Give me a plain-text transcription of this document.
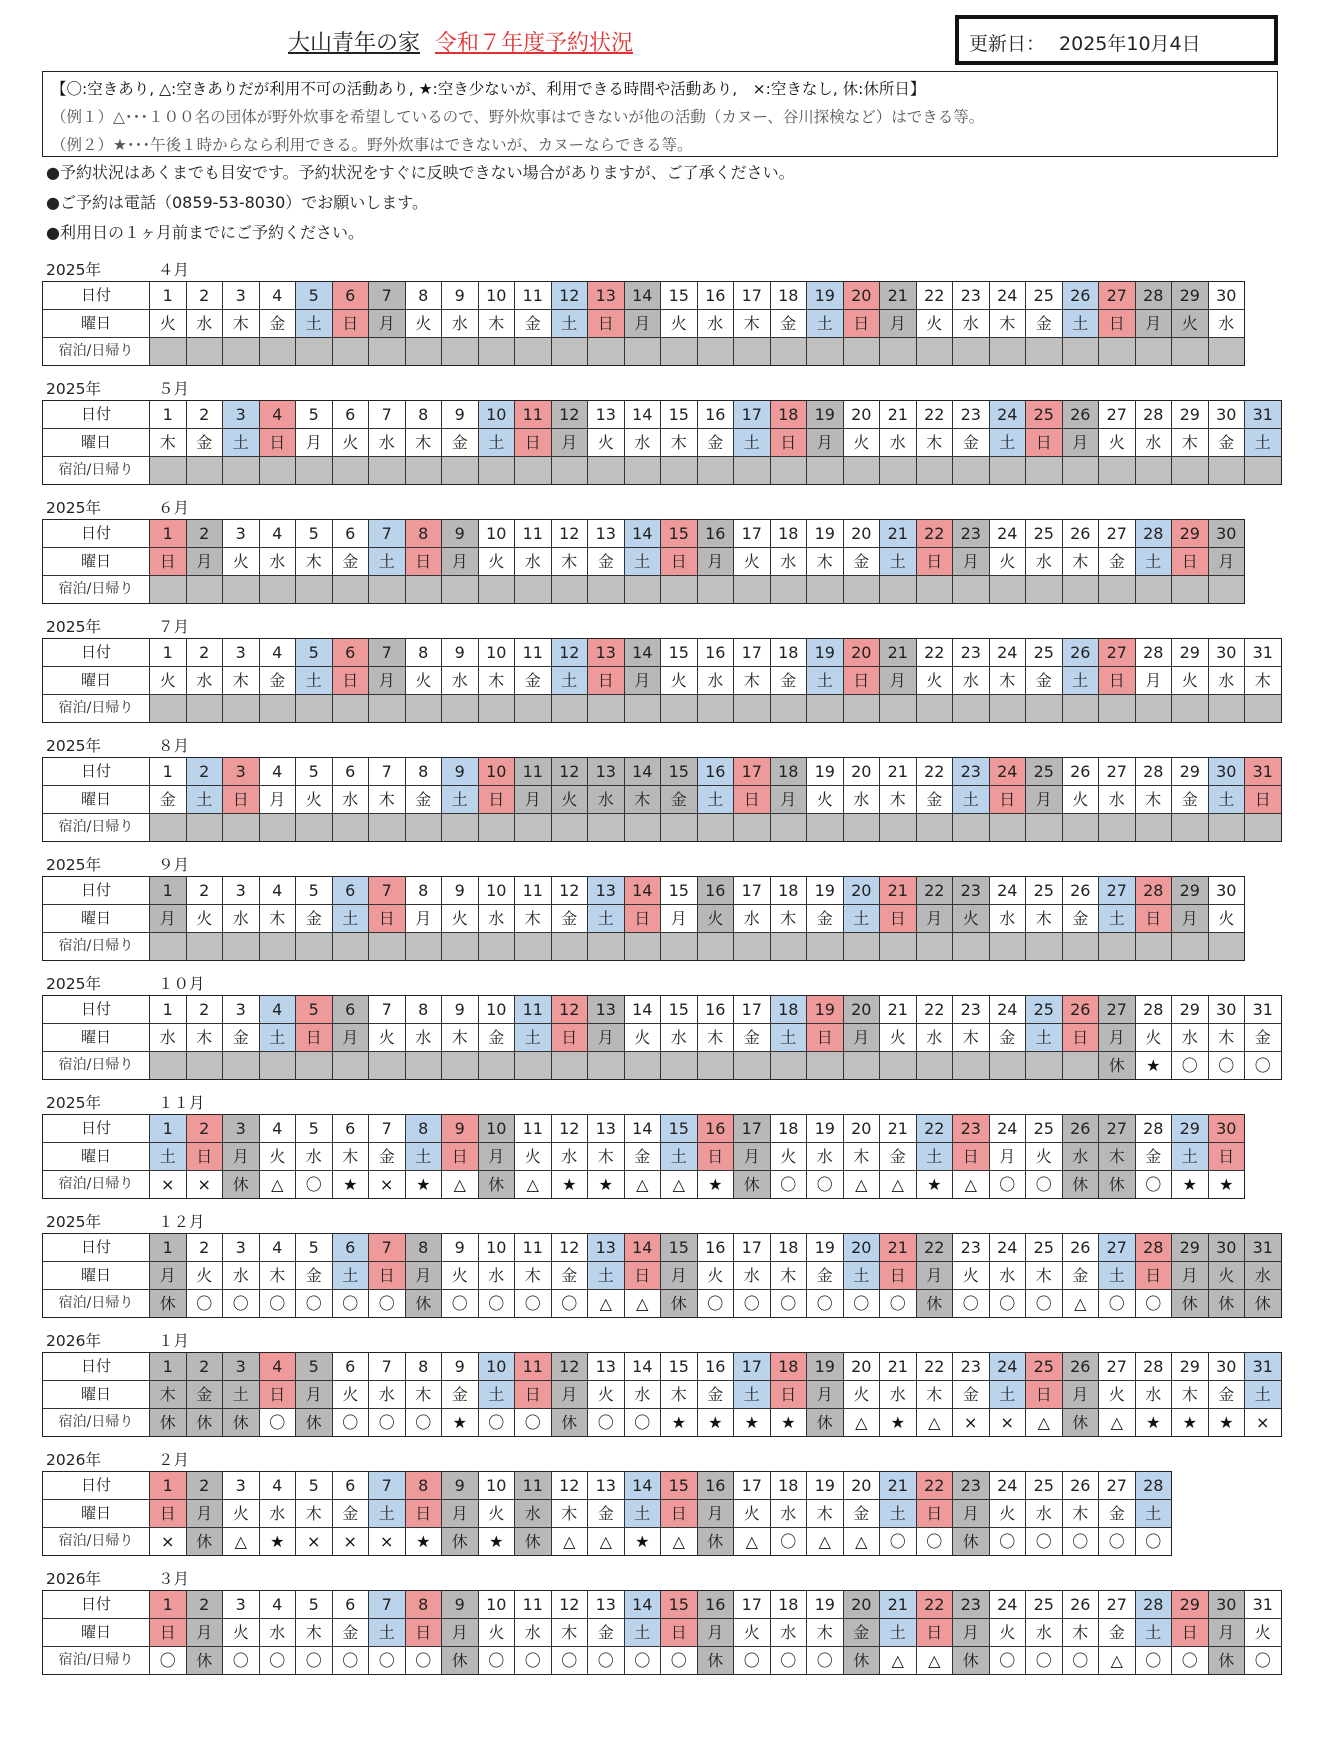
大山青年の家 令和７年度予約状況	更新日： 2025年10月4日
【〇:空きあり, △:空きありだが利用不可の活動あり, ★:空き少ないが、利用できる時間や活動あり,　×:空きなし, 休:休所日】
（例１）△･･･１００名の団体が野外炊事を希望しているので、野外炊事はできないが他の活動（カヌー、谷川探検など）はできる等。
（例２）★･･･午後１時からなら利用できる。野外炊事はできないが、カヌーならできる等。
●予約状況はあくまでも目安です。予約状況をすぐに反映できない場合がありますが、ご了承ください。
●ご予約は電話（0859-53-8030）でお願いします。
●利用日の１ヶ月前までにご予約ください。
2025年	４月
日付	1	2	3	4	5	6	7	8	9	10	11	12	13	14	15	16	17	18	19	20	21	22	23	24	25	26	27	28	29	30
曜日	火	水	木	金	土	日	月	火	水	木	金	土	日	月	火	水	木	金	土	日	月	火	水	木	金	土	日	月	火	水
宿泊/日帰り																														
2025年	５月
日付	1	2	3	4	5	6	7	8	9	10	11	12	13	14	15	16	17	18	19	20	21	22	23	24	25	26	27	28	29	30	31
曜日	木	金	土	日	月	火	水	木	金	土	日	月	火	水	木	金	土	日	月	火	水	木	金	土	日	月	火	水	木	金	土
宿泊/日帰り																															
2025年	６月
日付	1	2	3	4	5	6	7	8	9	10	11	12	13	14	15	16	17	18	19	20	21	22	23	24	25	26	27	28	29	30
曜日	日	月	火	水	木	金	土	日	月	火	水	木	金	土	日	月	火	水	木	金	土	日	月	火	水	木	金	土	日	月
宿泊/日帰り																														
2025年	７月
日付	1	2	3	4	5	6	7	8	9	10	11	12	13	14	15	16	17	18	19	20	21	22	23	24	25	26	27	28	29	30	31
曜日	火	水	木	金	土	日	月	火	水	木	金	土	日	月	火	水	木	金	土	日	月	火	水	木	金	土	日	月	火	水	木
宿泊/日帰り																															
2025年	８月
日付	1	2	3	4	5	6	7	8	9	10	11	12	13	14	15	16	17	18	19	20	21	22	23	24	25	26	27	28	29	30	31
曜日	金	土	日	月	火	水	木	金	土	日	月	火	水	木	金	土	日	月	火	水	木	金	土	日	月	火	水	木	金	土	日
宿泊/日帰り																															
2025年	９月
日付	1	2	3	4	5	6	7	8	9	10	11	12	13	14	15	16	17	18	19	20	21	22	23	24	25	26	27	28	29	30
曜日	月	火	水	木	金	土	日	月	火	水	木	金	土	日	月	火	水	木	金	土	日	月	火	水	木	金	土	日	月	火
宿泊/日帰り																														
2025年	１０月
日付	1	2	3	4	5	6	7	8	9	10	11	12	13	14	15	16	17	18	19	20	21	22	23	24	25	26	27	28	29	30	31
曜日	水	木	金	土	日	月	火	水	木	金	土	日	月	火	水	木	金	土	日	月	火	水	木	金	土	日	月	火	水	木	金
宿泊/日帰り																											休	★	〇	〇	〇
2025年	１１月
日付	1	2	3	4	5	6	7	8	9	10	11	12	13	14	15	16	17	18	19	20	21	22	23	24	25	26	27	28	29	30
曜日	土	日	月	火	水	木	金	土	日	月	火	水	木	金	土	日	月	火	水	木	金	土	日	月	火	水	木	金	土	日
宿泊/日帰り	×	×	休	△	〇	★	×	★	△	休	△	★	★	△	△	★	休	〇	〇	△	△	★	△	〇	〇	休	休	〇	★	★
2025年	１２月
日付	1	2	3	4	5	6	7	8	9	10	11	12	13	14	15	16	17	18	19	20	21	22	23	24	25	26	27	28	29	30	31
曜日	月	火	水	木	金	土	日	月	火	水	木	金	土	日	月	火	水	木	金	土	日	月	火	水	木	金	土	日	月	火	水
宿泊/日帰り	休	〇	〇	〇	〇	〇	〇	休	〇	〇	〇	〇	△	△	休	〇	〇	〇	〇	〇	〇	休	〇	〇	〇	△	〇	〇	休	休	休
2026年	１月
日付	1	2	3	4	5	6	7	8	9	10	11	12	13	14	15	16	17	18	19	20	21	22	23	24	25	26	27	28	29	30	31
曜日	木	金	土	日	月	火	水	木	金	土	日	月	火	水	木	金	土	日	月	火	水	木	金	土	日	月	火	水	木	金	土
宿泊/日帰り	休	休	休	〇	休	〇	〇	〇	★	〇	〇	休	〇	〇	★	★	★	★	休	△	★	△	×	×	△	休	△	★	★	★	×
2026年	２月
日付	1	2	3	4	5	6	7	8	9	10	11	12	13	14	15	16	17	18	19	20	21	22	23	24	25	26	27	28
曜日	日	月	火	水	木	金	土	日	月	火	水	木	金	土	日	月	火	水	木	金	土	日	月	火	水	木	金	土
宿泊/日帰り	×	休	△	★	×	×	×	★	休	★	休	△	△	★	△	休	△	〇	△	△	〇	〇	休	〇	〇	〇	〇	〇
2026年	３月
日付	1	2	3	4	5	6	7	8	9	10	11	12	13	14	15	16	17	18	19	20	21	22	23	24	25	26	27	28	29	30	31
曜日	日	月	火	水	木	金	土	日	月	火	水	木	金	土	日	月	火	水	木	金	土	日	月	火	水	木	金	土	日	月	火
宿泊/日帰り	〇	休	〇	〇	〇	〇	〇	〇	休	〇	〇	〇	〇	〇	〇	休	〇	〇	〇	休	△	△	休	〇	〇	〇	△	〇	〇	休	〇
